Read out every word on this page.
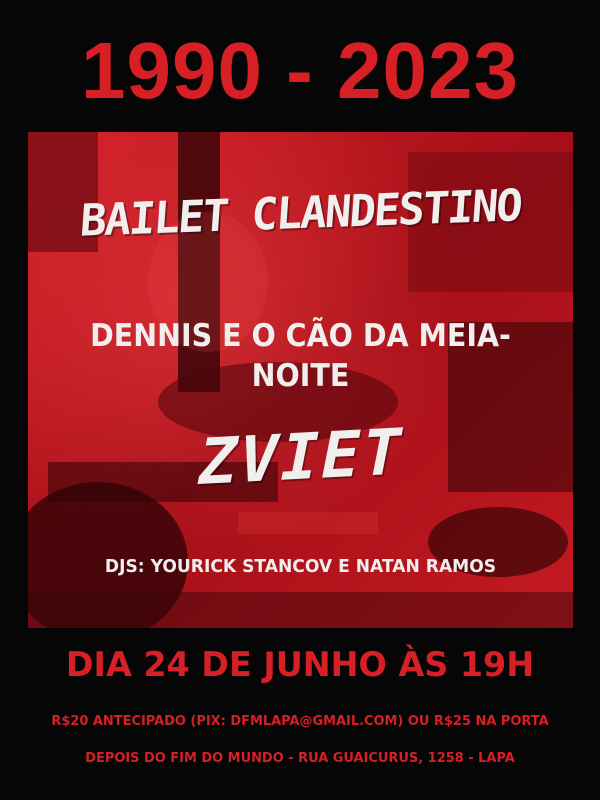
1990 - 2023
BAILET CLANDESTINO
DENNIS E O CÃO DA MEIA-NOITE
ZVIET
DJS: YOURICK STANCOV E NATAN RAMOS
DIA 24 DE JUNHO ÀS 19H
R$20 ANTECIPADO (PIX: DFMLAPA@GMAIL.COM) OU R$25 NA PORTA
DEPOIS DO FIM DO MUNDO - RUA GUAICURUS, 1258 - LAPA
